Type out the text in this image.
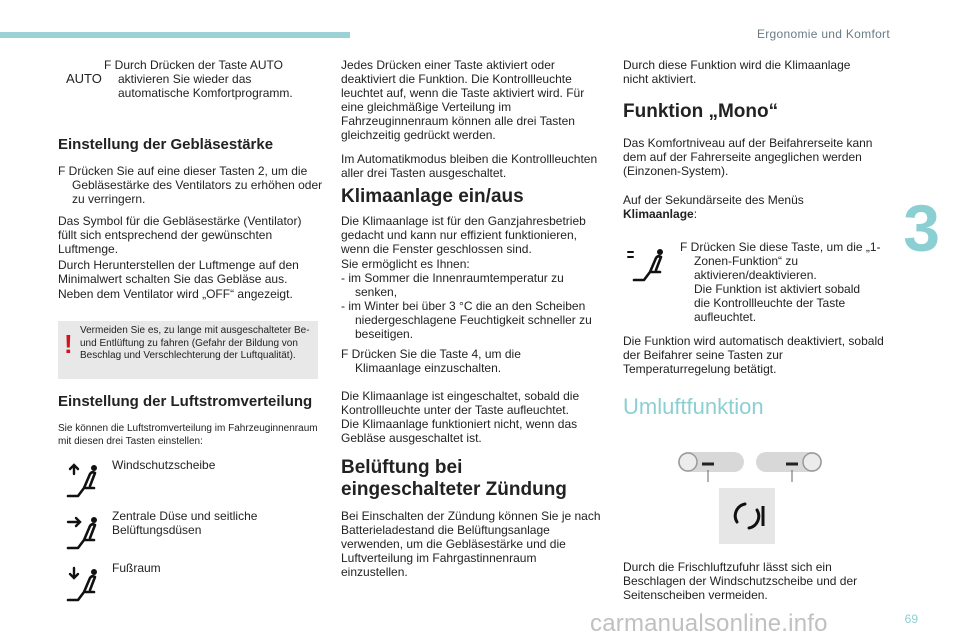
Ergonomie und Komfort
3
AUTO

F Durch Drücken der Taste AUTO aktivieren Sie wieder das automatische Komfortprogramm.

Einstellung der Gebläsestärke

F Drücken Sie auf eine dieser Tasten 2, um die Gebläsestärke des Ventilators zu erhöhen oder zu verringern.

Das Symbol für die Gebläsestärke (Ventilator) füllt sich entsprechend der gewünschten Luftmenge.

Durch Herunterstellen der Luftmenge auf den Minimalwert schalten Sie das Gebläse aus.

Neben dem Ventilator wird „OFF“ angezeigt.

! Vermeiden Sie es, zu lange mit ausgeschalteter Be-und Entlüftung zu fahren (Gefahr der Bildung von Beschlag und Verschlechterung der Luftqualität).
Einstellung der Luftstromverteilung

Sie können die Luftstromverteilung im Fahrzeuginnenraum mit diesen drei Tasten einstellen:

Windschutzscheibe
Zentrale Düse und seitliche Belüftungsdüsen
Fußraum

Jedes Drücken einer Taste aktiviert oder deaktiviert die Funktion. Die Kontrollleuchte leuchtet auf, wenn die Taste aktiviert wird. Für eine gleichmäßige Verteilung im Fahrzeuginnenraum können alle drei Tasten gleichzeitig gedrückt werden.

Im Automatikmodus bleiben die Kontrollleuchten aller drei Tasten ausgeschaltet.

Klimaanlage ein/aus

Die Klimaanlage ist für den Ganzjahresbetrieb gedacht und kann nur effizient funktionieren, wenn die Fenster geschlossen sind.

Sie ermöglicht es Ihnen:

- im Sommer die Innenraumtemperatur zu senken,

- im Winter bei über 3 °C die an den Scheiben niedergeschlagene Feuchtigkeit schneller zu beseitigen.

F Drücken Sie die Taste 4, um die Klimaanlage einzuschalten.

Die Klimaanlage ist eingeschaltet, sobald die Kontrollleuchte unter der Taste aufleuchtet.

Die Klimaanlage funktioniert nicht, wenn das Gebläse ausgeschaltet ist.

Belüftung bei eingeschalteter Zündung

Bei Einschalten der Zündung können Sie je nach Batterieladestand die Belüftungsanlage verwenden, um die Gebläsestärke und die Luftverteilung im Fahrgastinnenraum einzustellen.

Durch diese Funktion wird die Klimaanlage nicht aktiviert.

Funktion „Mono“

Das Komfortniveau auf der Beifahrerseite kann dem auf der Fahrerseite angeglichen werden (Einzonen-System).

Auf der Sekundärseite des Menüs
Klimaanlage:

F Drücken Sie diese Taste, um die „1-Zonen-Funktion“ zu aktivieren/deaktivieren.

Die Funktion ist aktiviert sobald die Kontrollleuchte der Taste aufleuchtet.

Die Funktion wird automatisch deaktiviert, sobald der Beifahrer seine Tasten zur Temperaturregelung betätigt.

Umluftfunktion

Durch die Frischluftzufuhr lässt sich ein Beschlagen der Windschutzscheibe und der Seitenscheiben vermeiden.

carmanualsonline.info	69
